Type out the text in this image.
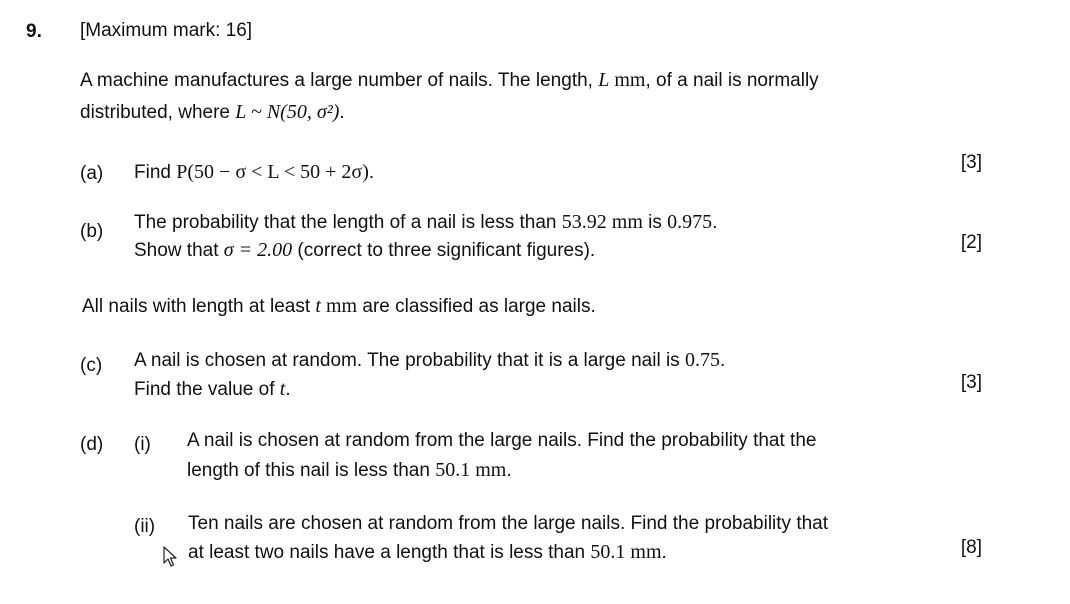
9. [Maximum mark: 16]
A machine manufactures a large number of nails. The length, L mm, of a nail is normally
distributed, where L ~ N(50, σ²).
(a) Find P(50 − σ < L < 50 + 2σ).	[3]
(b) The probability that the length of a nail is less than 53.92 mm is 0.975.
Show that σ = 2.00 (correct to three significant figures).	[2]
All nails with length at least t mm are classified as large nails.
(c) A nail is chosen at random. The probability that it is a large nail is 0.75.
Find the value of t.	[3]
(d) (i) A nail is chosen at random from the large nails. Find the probability that the
length of this nail is less than 50.1 mm.
(ii) Ten nails are chosen at random from the large nails. Find the probability that
at least two nails have a length that is less than 50.1 mm.	[8]
